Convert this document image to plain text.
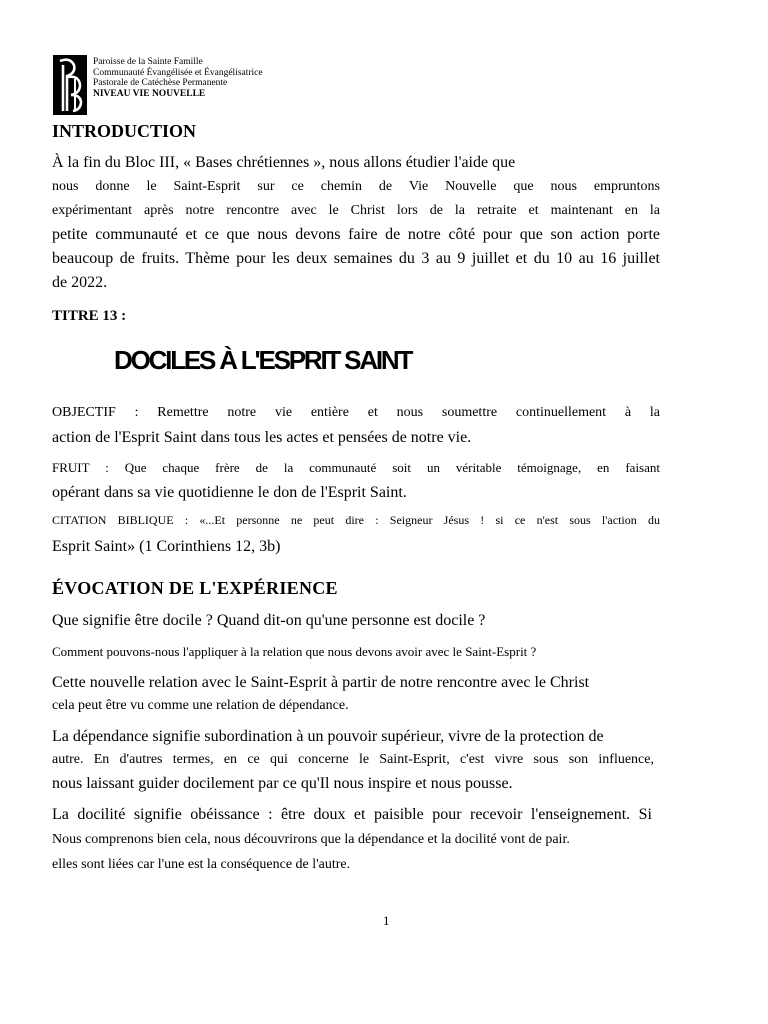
Paroisse de la Sainte Famille
Communauté Évangélisée et Évangélisatrice
Pastorale de Catéchèse Permanente
NIVEAU VIE NOUVELLE
INTRODUCTION
À la fin du Bloc III, « Bases chrétiennes », nous allons étudier l'aide que
nous donne le Saint-Esprit sur ce chemin de Vie Nouvelle que nous empruntons
expérimentant après notre rencontre avec le Christ lors de la retraite et maintenant en la
petite communauté et ce que nous devons faire de notre côté pour que son action porte
beaucoup de fruits. Thème pour les deux semaines du 3 au 9 juillet et du 10 au 16 juillet
de 2022.
TITRE 13 :
DOCILES À L'ESPRIT SAINT
OBJECTIF : Remettre notre vie entière et nous soumettre continuellement à la
action de l'Esprit Saint dans tous les actes et pensées de notre vie.
FRUIT : Que chaque frère de la communauté soit un véritable témoignage, en faisant
opérant dans sa vie quotidienne le don de l'Esprit Saint.
CITATION BIBLIQUE : «...Et personne ne peut dire : Seigneur Jésus ! si ce n'est sous l'action du
Esprit Saint» (1 Corinthiens 12, 3b)
ÉVOCATION DE L'EXPÉRIENCE
Que signifie être docile ? Quand dit-on qu'une personne est docile ?
Comment pouvons-nous l'appliquer à la relation que nous devons avoir avec le Saint-Esprit ?
Cette nouvelle relation avec le Saint-Esprit à partir de notre rencontre avec le Christ
cela peut être vu comme une relation de dépendance.
La dépendance signifie subordination à un pouvoir supérieur, vivre de la protection de
autre. En d'autres termes, en ce qui concerne le Saint-Esprit, c'est vivre sous son influence,
nous laissant guider docilement par ce qu'Il nous inspire et nous pousse.
La docilité signifie obéissance : être doux et paisible pour recevoir l'enseignement. Si
Nous comprenons bien cela, nous découvrirons que la dépendance et la docilité vont de pair.
elles sont liées car l'une est la conséquence de l'autre.
1
